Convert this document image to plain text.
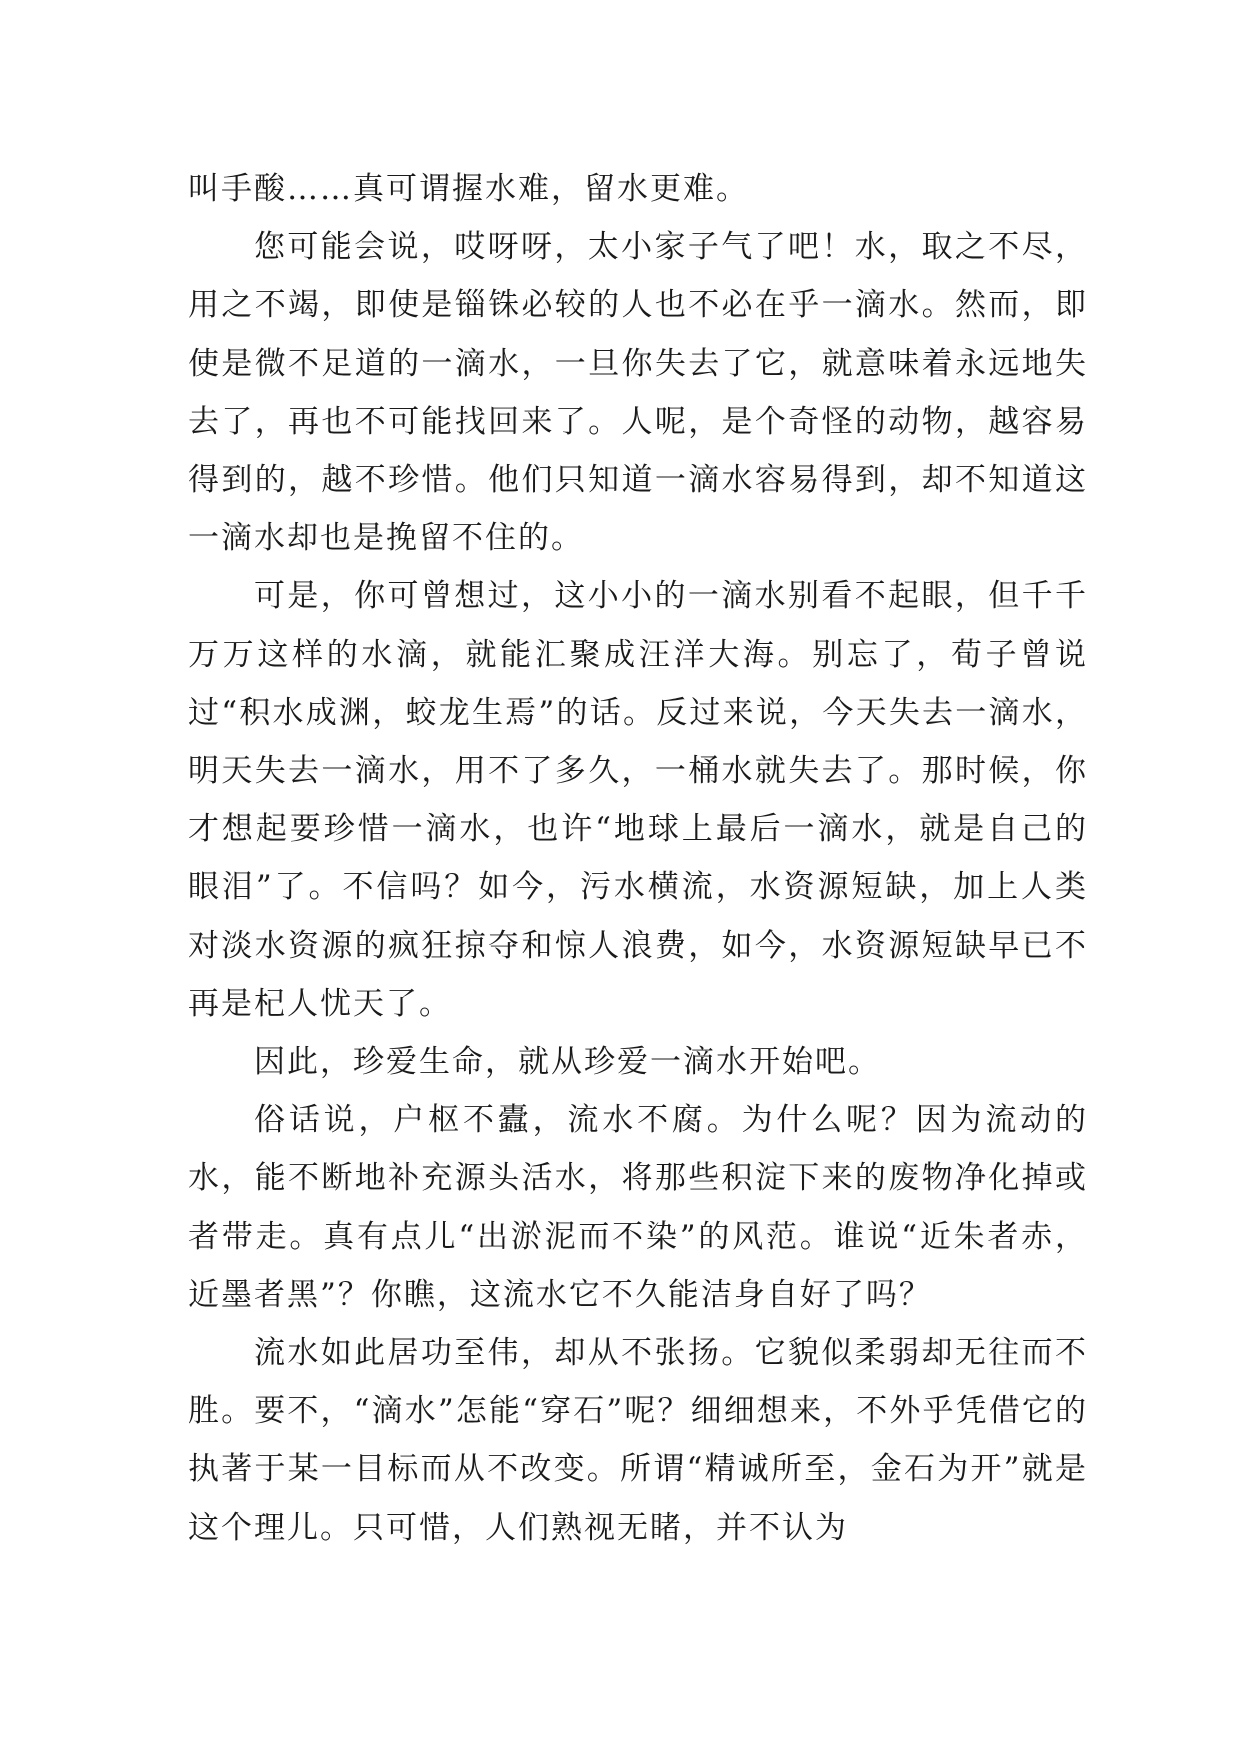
叫手酸……真可谓握水难，留水更难。

您可能会说，哎呀呀，太小家子气了吧！水，取之不尽，用之不竭，即使是锱铢必较的人也不必在乎一滴水。然而，即使是微不足道的一滴水，一旦你失去了它，就意味着永远地失去了，再也不可能找回来了。人呢，是个奇怪的动物，越容易得到的，越不珍惜。他们只知道一滴水容易得到，却不知道这一滴水却也是挽留不住的。

可是，你可曾想过，这小小的一滴水别看不起眼，但千千万万这样的水滴，就能汇聚成汪洋大海。别忘了，荀子曾说过“积水成渊，蛟龙生焉”的话。反过来说，今天失去一滴水，明天失去一滴水，用不了多久，一桶水就失去了。那时候，你才想起要珍惜一滴水，也许“地球上最后一滴水，就是自己的眼泪”了。不信吗？如今，污水横流，水资源短缺，加上人类对淡水资源的疯狂掠夺和惊人浪费，如今，水资源短缺早已不再是杞人忧天了。

因此，珍爱生命，就从珍爱一滴水开始吧。

俗话说，户枢不蠹，流水不腐。为什么呢？因为流动的水，能不断地补充源头活水，将那些积淀下来的废物净化掉或者带走。真有点儿“出淤泥而不染”的风范。谁说“近朱者赤，近墨者黑”？你瞧，这流水它不久能洁身自好了吗？

流水如此居功至伟，却从不张扬。它貌似柔弱却无往而不胜。要不，“滴水”怎能“穿石”呢？细细想来，不外乎凭借它的执著于某一目标而从不改变。所谓“精诚所至，金石为开”就是这个理儿。只可惜，人们熟视无睹，并不认为
